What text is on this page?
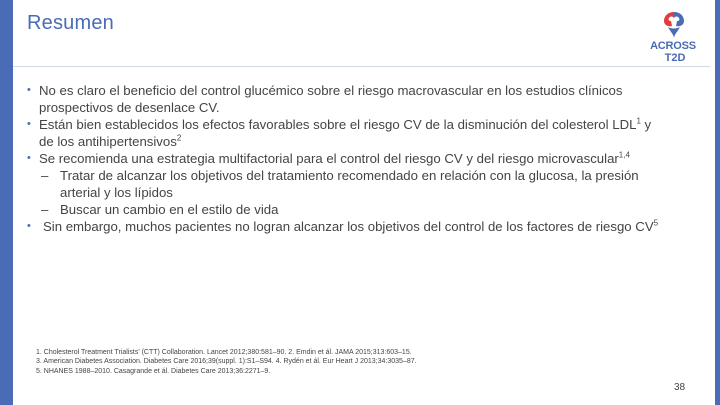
Resumen
ACROSS
T2D

• No es claro el beneficio del control glucémico sobre el riesgo macrovascular en los estudios clínicos prospectivos de desenlace CV.

• Están bien establecidos los efectos favorables sobre el riesgo CV de la disminución del colesterol LDL$^1$ y de los antihipertensivos$^2$

• Se recomienda una estrategia multifactorial para el control del riesgo CV y del riesgo microvascular$^{1,4}$

– Tratar de alcanzar los objetivos del tratamiento recomendado en relación con la glucosa, la presión arterial y los lípidos

– Buscar un cambio en el estilo de vida

• Sin embargo, muchos pacientes no logran alcanzar los objetivos del control de los factores de riesgo $CV^5$

1. Cholesterol Treatment Trialists' (CTT) Collaboration. Lancet 2012;380:581–90. 2. Emdin et ál. JAMA 2015;313:603–15.
3. American Diabetes Association. Diabetes Care 2016;39(suppl. 1):S1–S94. 4. Rydén et ál. Eur Heart J 2013;34:3035–87.
5. NHANES 1988–2010. Casagrande et ál. Diabetes Care 2013;36:2271–9.
38
